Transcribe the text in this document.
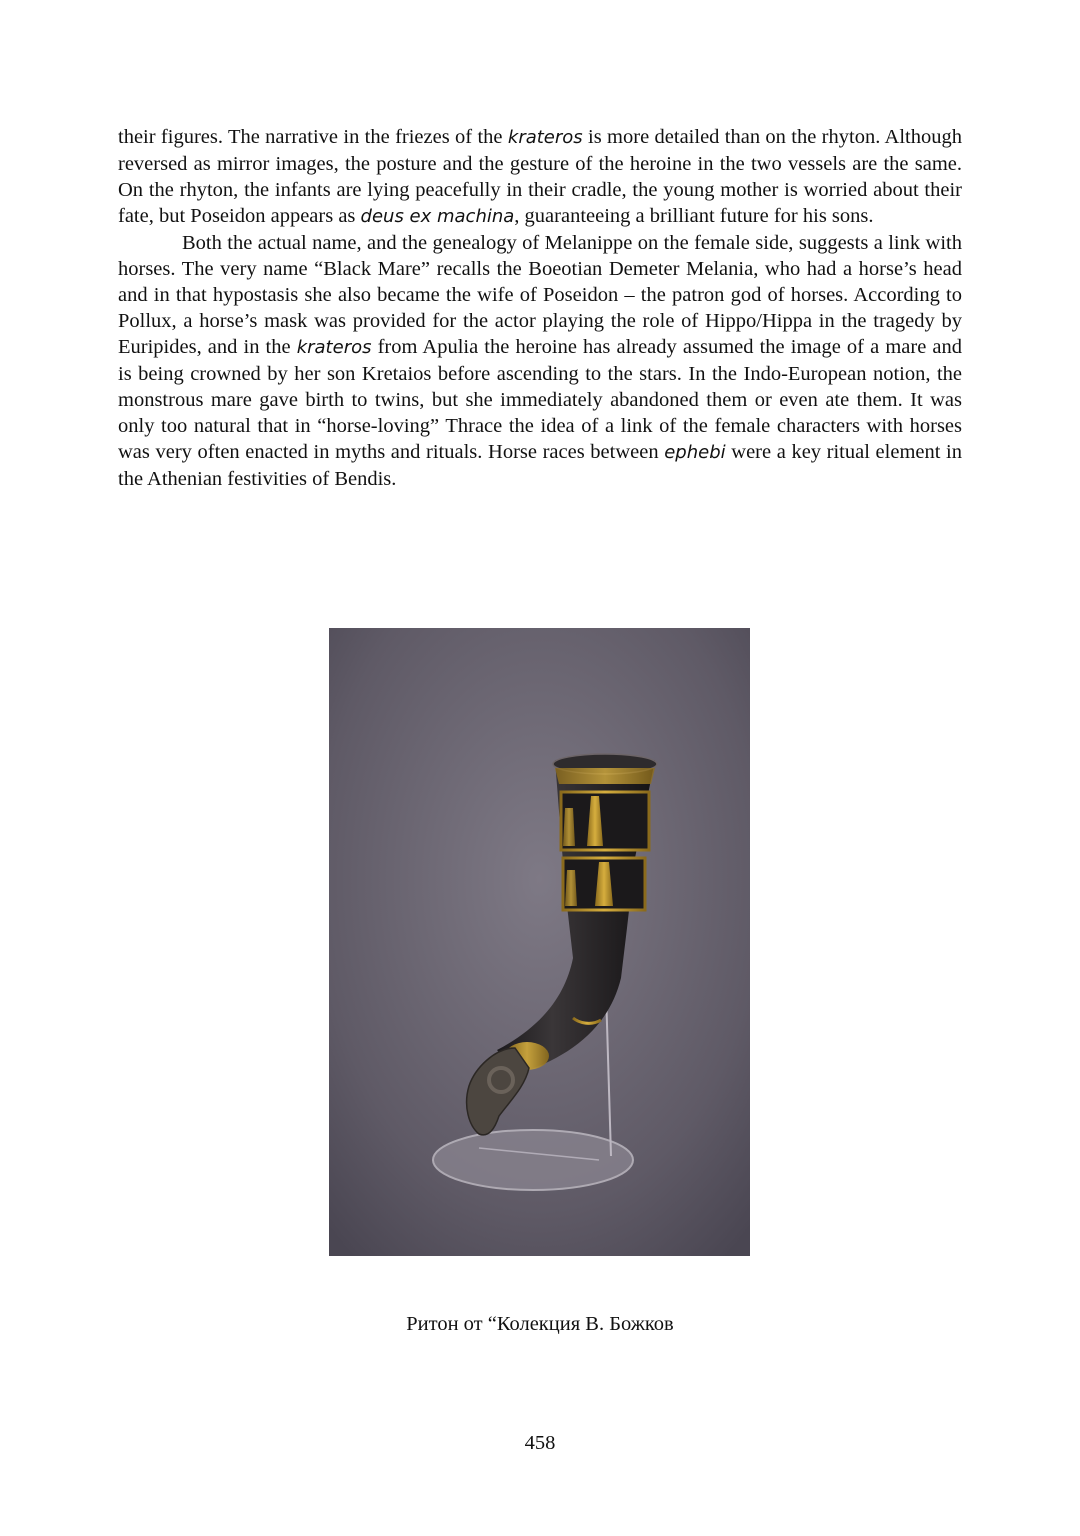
their figures. The narrative in the friezes of the krateros is more detailed than on the rhyton. Although reversed as mirror images, the posture and the gesture of the heroine in the two vessels are the same. On the rhyton, the infants are lying peacefully in their cradle, the young mother is worried about their fate, but Poseidon appears as deus ex machina, guaranteeing a brilliant future for his sons.

Both the actual name, and the genealogy of Melanippe on the female side, suggests a link with horses. The very name “Black Mare” recalls the Boeotian Demeter Melania, who had a horse’s head and in that hypostasis she also became the wife of Poseidon – the patron god of horses. According to Pollux, a horse’s mask was provided for the actor playing the role of Hippo/Hippa in the tragedy by Euripides, and in the krateros from Apulia the heroine has already assumed the image of a mare and is being crowned by her son Kretaios before ascending to the stars. In the Indo-European notion, the monstrous mare gave birth to twins, but she immediately abandoned them or even ate them. It was only too natural that in “horse-loving” Thrace the idea of a link of the female characters with horses was very often enacted in myths and rituals. Horse races between ephebi were a key ritual element in the Athenian festivities of Bendis.

Ритон от “Колекция В. Божков
458
